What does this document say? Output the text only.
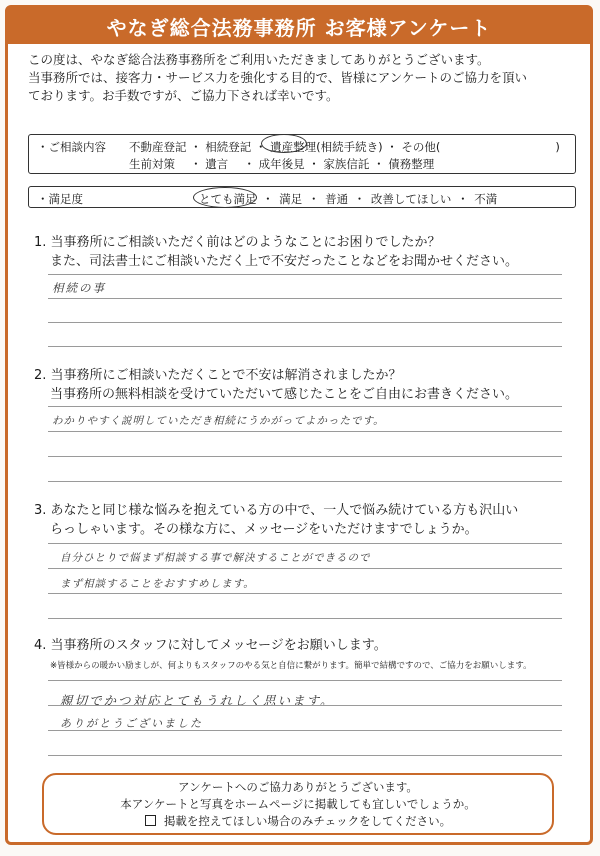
やなぎ総合法務事務所 お客様アンケート
この度は、やなぎ総合法務事務所をご利用いただきましてありがとうございます。
当事務所では、接客力・サービス力を強化する目的で、皆様にアンケートのご協力を頂い
ております。お手数ですが、ご協力下されば幸いです。
・ご相談内容 不動産登記 ・ 相続登記 ・ 遺産整理(相続手続き) ・ その他(　　　　　　　　　　)
生前対策　 ・ 遺言　 ・ 成年後見 ・ 家族信託 ・ 債務整理
・満足度	とても満足 ・ 満足 ・ 普通 ・ 改善してほしい ・ 不満
1. 当事務所にご相談いただく前はどのようなことにお困りでしたか？
また、司法書士にご相談いただく上で不安だったことなどをお聞かせください。
相続の事
2. 当事務所にご相談いただくことで不安は解消されましたか？
当事務所の無料相談を受けていただいて感じたことをご自由にお書きください。
わかりやすく説明していただき相続にうかがってよかったです。
3. あなたと同じ様な悩みを抱えている方の中で、一人で悩み続けている方も沢山い
らっしゃいます。その様な方に、メッセージをいただけますでしょうか。
自分ひとりで悩まず相談する事で解決することができるので
まず相談することをおすすめします。
4. 当事務所のスタッフに対してメッセージをお願いします。
※皆様からの暖かい励ましが、何よりもスタッフのやる気と自信に繋がります。簡単で結構ですので、ご協力をお願いします。
親切でかつ対応とてもうれしく思います。
ありがとうございました
アンケートへのご協力ありがとうございます。
本アンケートと写真をホームページに掲載しても宜しいでしょうか。
掲載を控えてほしい場合のみチェックをしてください。
